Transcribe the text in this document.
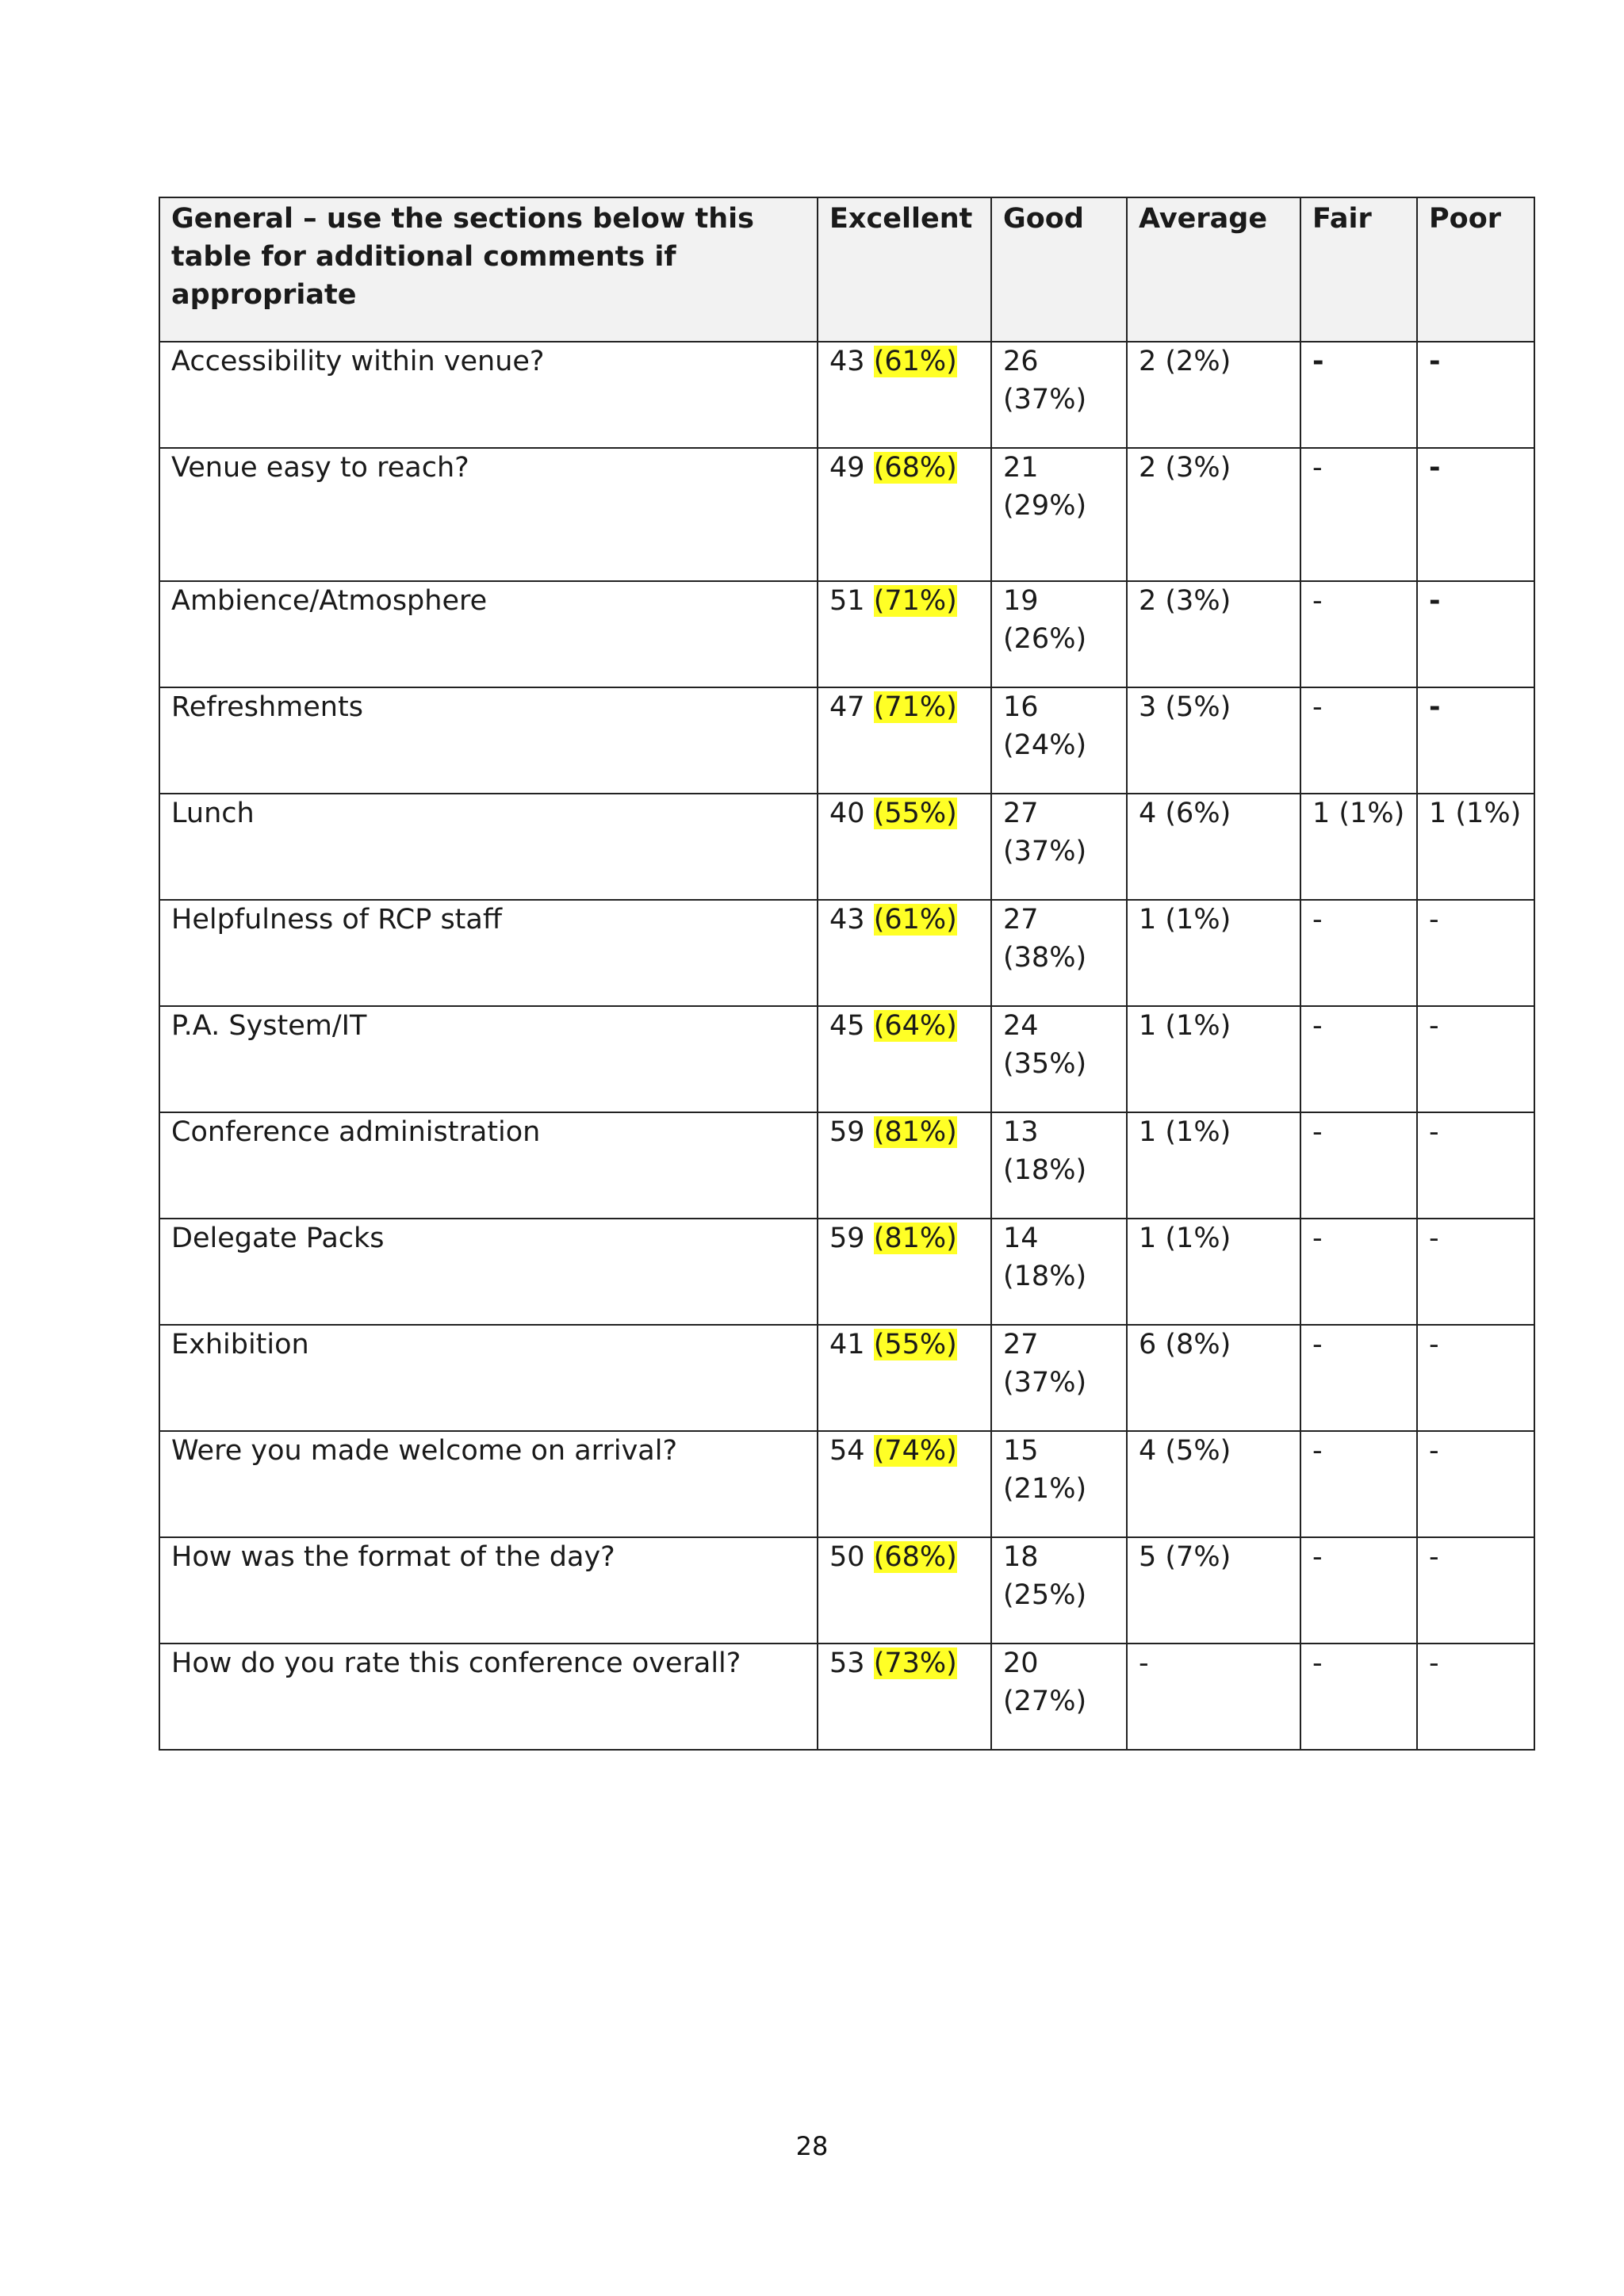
General – use the sections below this table for additional comments if appropriate	Excellent	Good	Average	Fair	Poor
Accessibility within venue?	43 (61%)	26 (37%)	2 (2%)	-	-
Venue easy to reach?	49 (68%)	21 (29%)	2 (3%)	-	-
Ambience/Atmosphere	51 (71%)	19 (26%)	2 (3%)	-	-
Refreshments	47 (71%)	16 (24%)	3 (5%)	-	-
Lunch	40 (55%)	27 (37%)	4 (6%)	1 (1%)	1 (1%)
Helpfulness of RCP staff	43 (61%)	27 (38%)	1 (1%)	-	-
P.A. System/IT	45 (64%)	24 (35%)	1 (1%)	-	-
Conference administration	59 (81%)	13 (18%)	1 (1%)	-	-
Delegate Packs	59 (81%)	14 (18%)	1 (1%)	-	-
Exhibition	41 (55%)	27 (37%)	6 (8%)	-	-
Were you made welcome on arrival?	54 (74%)	15 (21%)	4 (5%)	-	-
How was the format of the day?	50 (68%)	18 (25%)	5 (7%)	-	-
How do you rate this conference overall?	53 (73%)	20 (27%)	-	-	-
28
